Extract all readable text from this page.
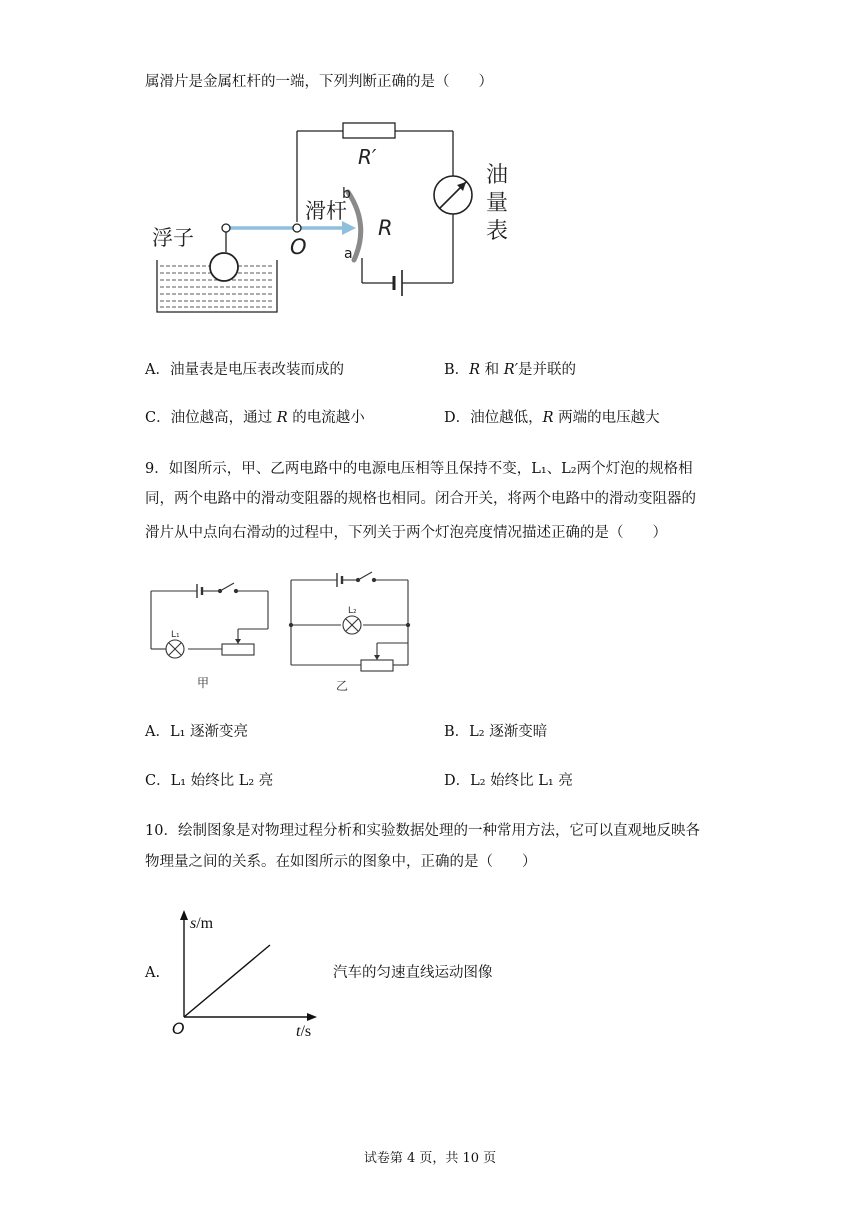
属滑片是金属杠杆的一端，下列判断正确的是（　　）
R′
油
量
表
浮子
滑杆
O
R
b
a
A．油量表是电压表改装而成的	B．R 和 R′是并联的
C．油位越高，通过 R 的电流越小	D．油位越低，R 两端的电压越大
9．如图所示，甲、乙两电路中的电源电压相等且保持不变，L₁、L₂两个灯泡的规格相
同，两个电路中的滑动变阻器的规格也相同。闭合开关，将两个电路中的滑动变阻器的
滑片从中点向右滑动的过程中，下列关于两个灯泡亮度情况描述正确的是（　　）
L₁
L₂
甲	乙
A．L₁ 逐渐变亮	B．L₂ 逐渐变暗
C．L₁ 始终比 L₂ 亮	D．L₂ 始终比 L₁ 亮
10．绘制图象是对物理过程分析和实验数据处理的一种常用方法，它可以直观地反映各
物理量之间的关系。在如图所示的图象中，正确的是（　　）
A.
s/m
t/s
O
汽车的匀速直线运动图像
试卷第 4 页，共 10 页
